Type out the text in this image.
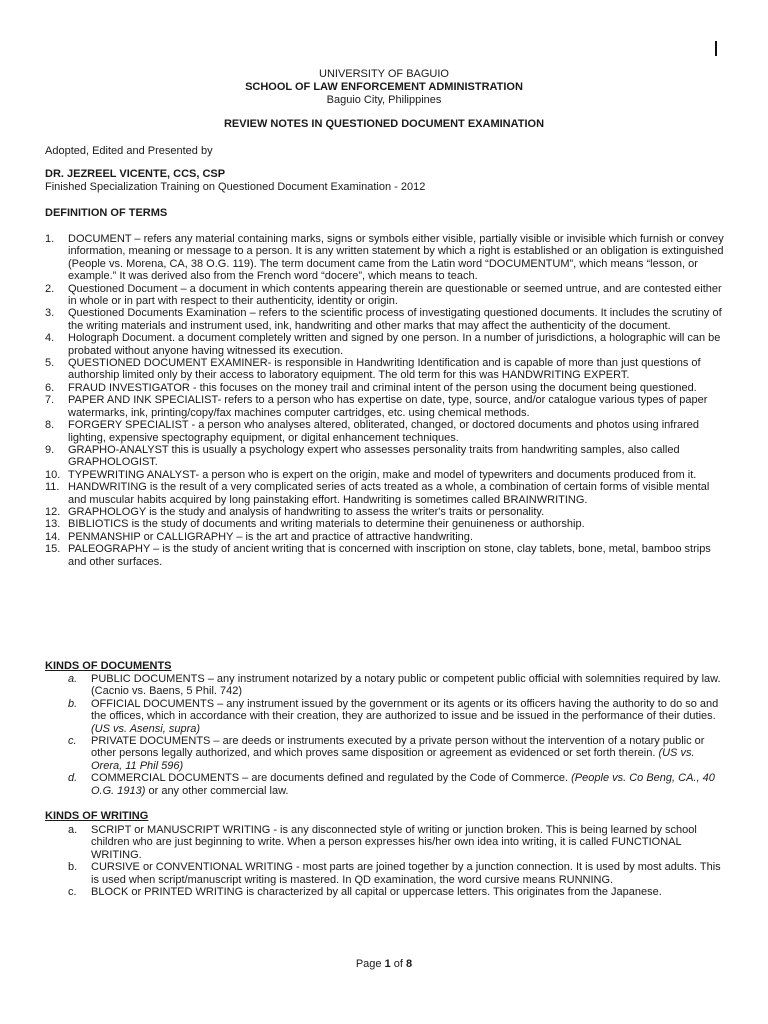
UNIVERSITY OF BAGUIO
SCHOOL OF LAW ENFORCEMENT ADMINISTRATION
Baguio City, Philippines
REVIEW NOTES IN QUESTIONED DOCUMENT EXAMINATION
Adopted, Edited and Presented by
DR. JEZREEL VICENTE, CCS, CSP
Finished Specialization Training on Questioned Document Examination - 2012
DEFINITION OF TERMS
1. DOCUMENT – refers any material containing marks, signs or symbols either visible, partially visible or invisible which furnish or convey information, meaning or message to a person. It is any written statement by which a right is established or an obligation is extinguished (People vs. Morena, CA, 38 O.G. 119). The term document came from the Latin word “DOCUMENTUM”, which means “lesson, or example.” It was derived also from the French word “docere”, which means to teach.
2. Questioned Document – a document in which contents appearing therein are questionable or seemed untrue, and are contested either in whole or in part with respect to their authenticity, identity or origin.
3. Questioned Documents Examination – refers to the scientific process of investigating questioned documents. It includes the scrutiny of the writing materials and instrument used, ink, handwriting and other marks that may affect the authenticity of the document.
4. Holograph Document. a document completely written and signed by one person. In a number of jurisdictions, a holographic will can be probated without anyone having witnessed its execution.
5. QUESTIONED DOCUMENT EXAMINER- is responsible in Handwriting Identification and is capable of more than just questions of authorship limited only by their access to laboratory equipment. The old term for this was HANDWRITING EXPERT.
6. FRAUD INVESTIGATOR - this focuses on the money trail and criminal intent of the person using the document being questioned.
7. PAPER AND INK SPECIALIST- refers to a person who has expertise on date, type, source, and/or catalogue various types of paper watermarks, ink, printing/copy/fax machines computer cartridges, etc. using chemical methods.
8. FORGERY SPECIALIST - a person who analyses altered, obliterated, changed, or doctored documents and photos using infrared lighting, expensive spectography equipment, or digital enhancement techniques.
9. GRAPHO-ANALYST this is usually a psychology expert who assesses personality traits from handwriting samples, also called GRAPHOLOGIST.
10. TYPEWRITING ANALYST- a person who is expert on the origin, make and model of typewriters and documents produced from it.
11. HANDWRITING is the result of a very complicated series of acts treated as a whole, a combination of certain forms of visible mental and muscular habits acquired by long painstaking effort. Handwriting is sometimes called BRAINWRITING.
12. GRAPHOLOGY is the study and analysis of handwriting to assess the writer's traits or personality.
13. BIBLIOTICS is the study of documents and writing materials to determine their genuineness or authorship.
14. PENMANSHIP or CALLIGRAPHY – is the art and practice of attractive handwriting.
15. PALEOGRAPHY – is the study of ancient writing that is concerned with inscription on stone, clay tablets, bone, metal, bamboo strips and other surfaces.
KINDS OF DOCUMENTS
a. PUBLIC DOCUMENTS – any instrument notarized by a notary public or competent public official with solemnities required by law. (Cacnio vs. Baens, 5 Phil. 742)
b. OFFICIAL DOCUMENTS – any instrument issued by the government or its agents or its officers having the authority to do so and the offices, which in accordance with their creation, they are authorized to issue and be issued in the performance of their duties. (US vs. Asensi, supra)
c. PRIVATE DOCUMENTS – are deeds or instruments executed by a private person without the intervention of a notary public or other persons legally authorized, and which proves same disposition or agreement as evidenced or set forth therein. (US vs. Orera, 11 Phil 596)
d. COMMERCIAL DOCUMENTS – are documents defined and regulated by the Code of Commerce. (People vs. Co Beng, CA., 40 O.G. 1913) or any other commercial law.
KINDS OF WRITING
a. SCRIPT or MANUSCRIPT WRITING - is any disconnected style of writing or junction broken. This is being learned by school children who are just beginning to write. When a person expresses his/her own idea into writing, it is called FUNCTIONAL WRITING.
b. CURSIVE or CONVENTIONAL WRITING - most parts are joined together by a junction connection. It is used by most adults. This is used when script/manuscript writing is mastered. In QD examination, the word cursive means RUNNING.
c. BLOCK or PRINTED WRITING is characterized by all capital or uppercase letters. This originates from the Japanese.
Page 1 of 8
